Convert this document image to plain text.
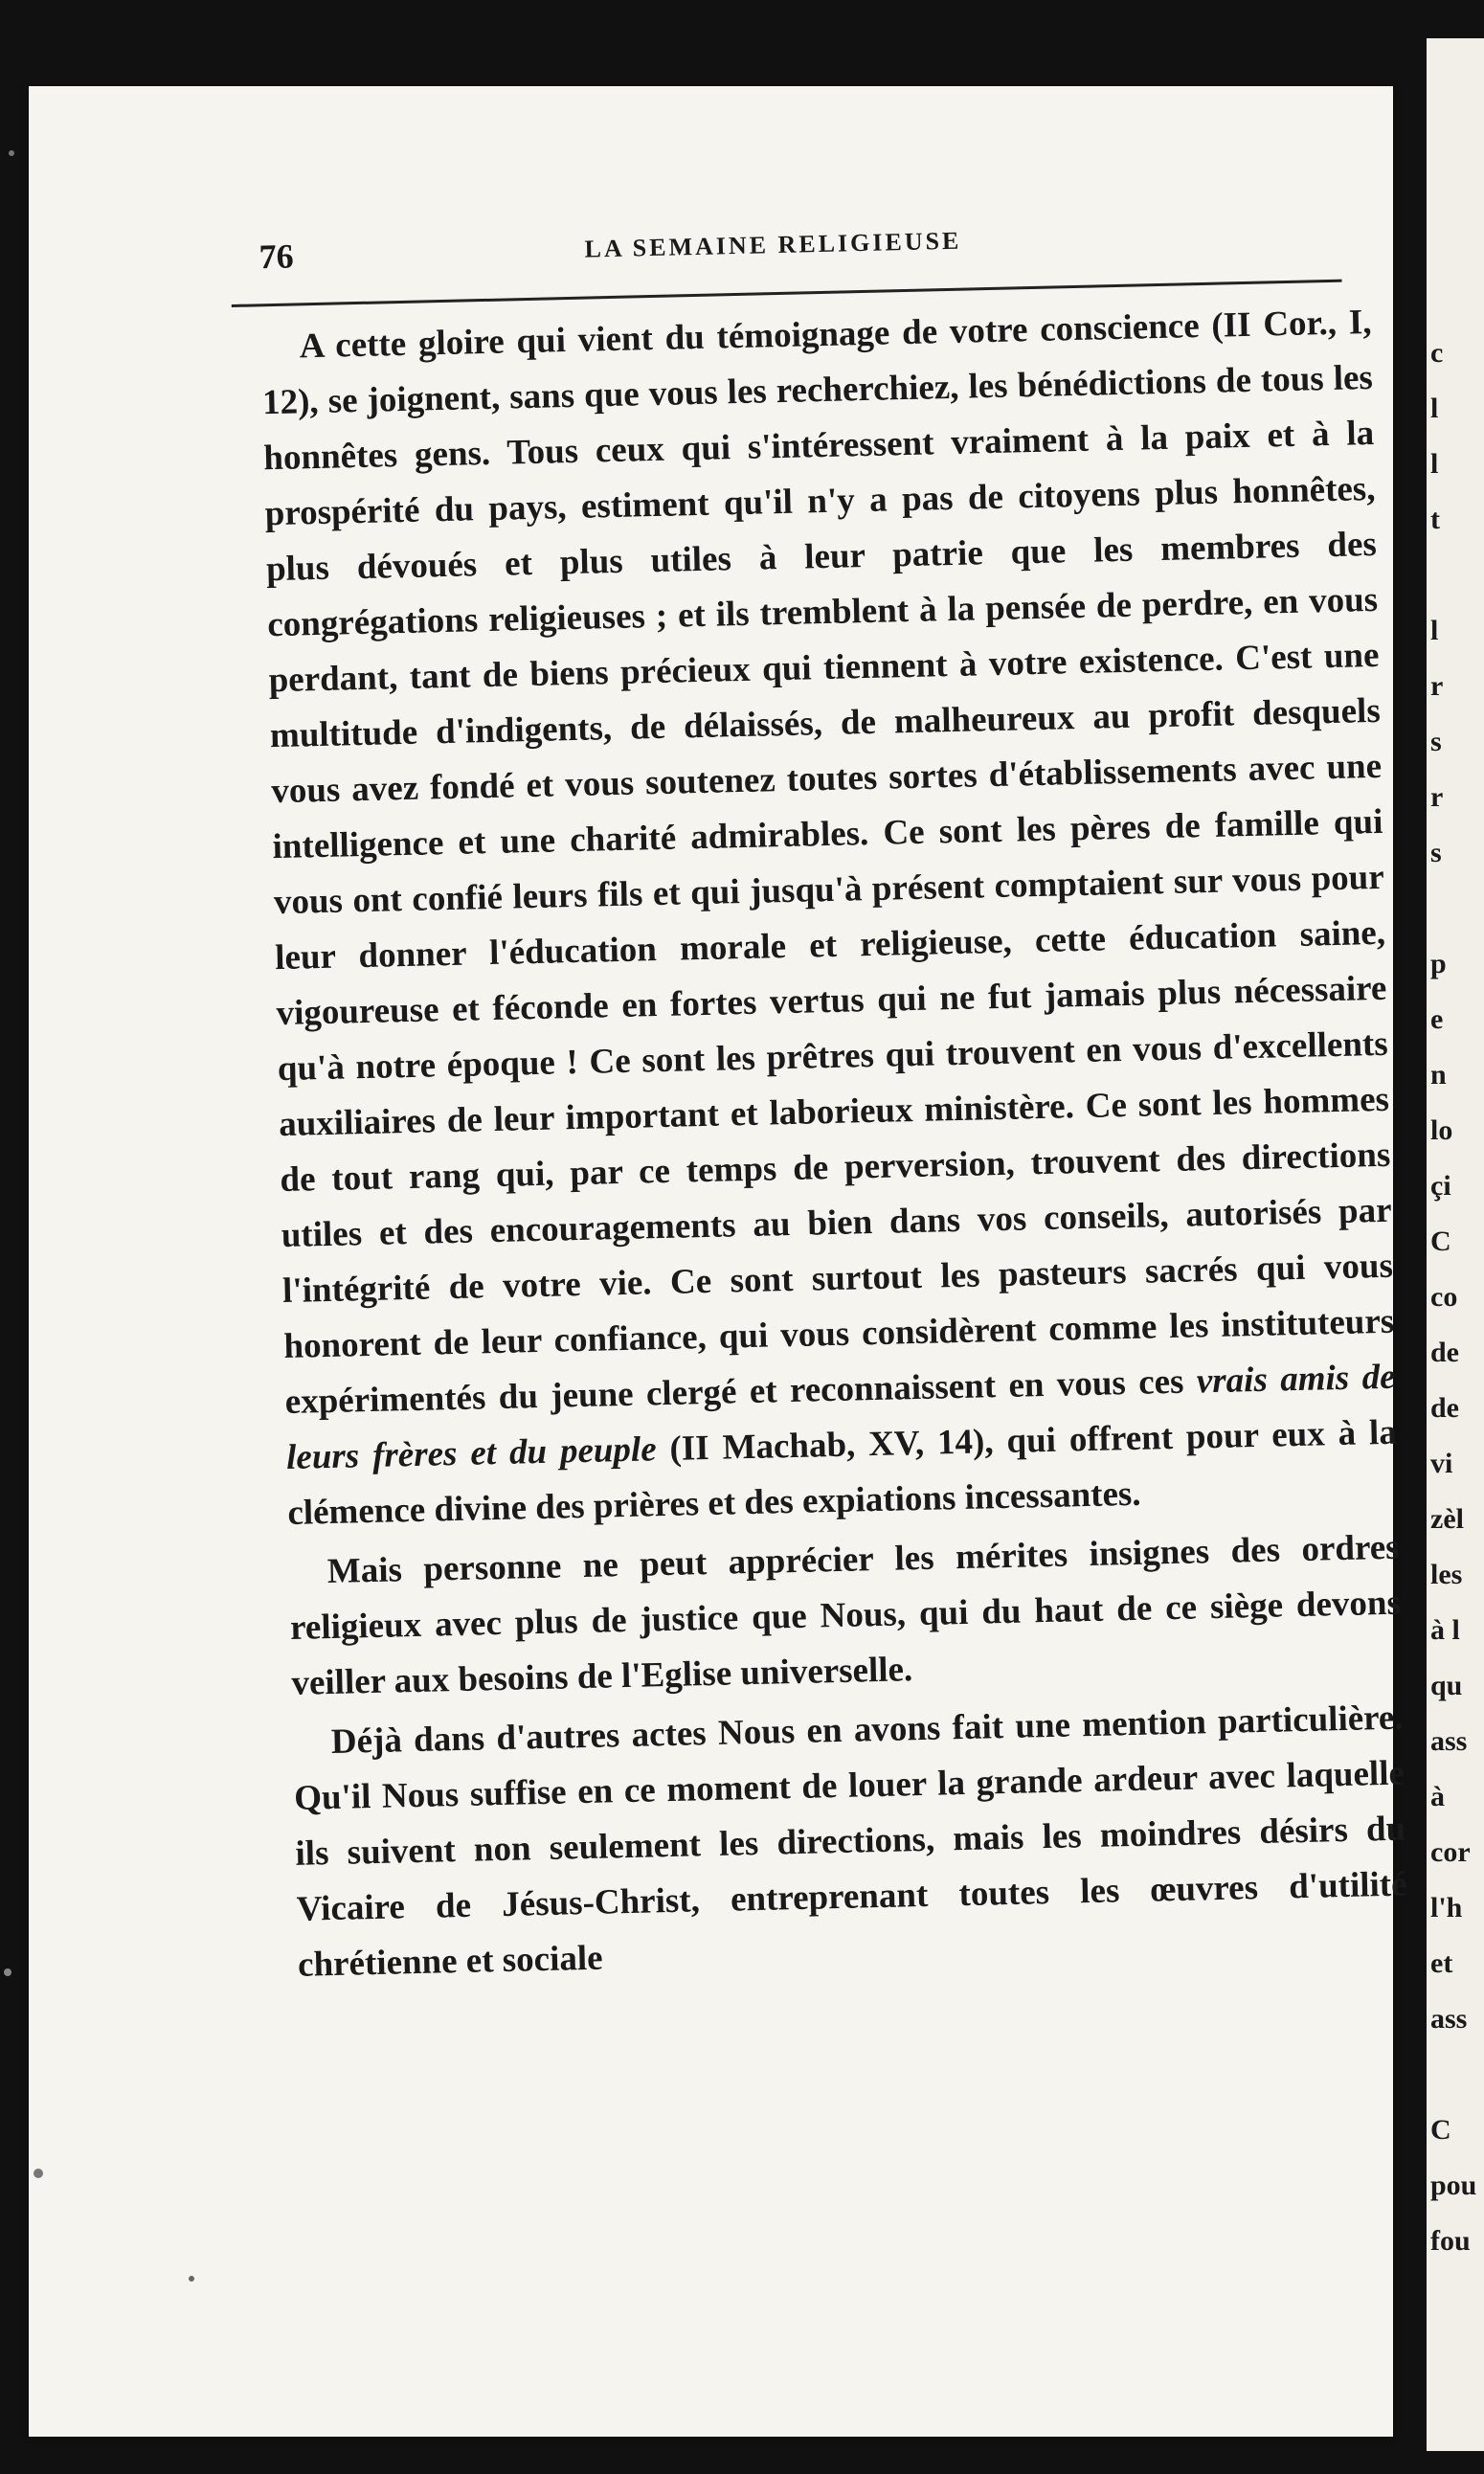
76	LA SEMAINE RELIGIEUSE

A cette gloire qui vient du témoignage de votre conscience (II Cor., I, 12), se joignent, sans que vous les recherchiez, les bénédictions de tous les honnêtes gens. Tous ceux qui s'intéressent vraiment à la paix et à la prospérité du pays, estiment qu'il n'y a pas de citoyens plus honnêtes, plus dévoués et plus utiles à leur patrie que les membres des congrégations religieuses ; et ils tremblent à la pensée de perdre, en vous perdant, tant de biens précieux qui tiennent à votre existence. C'est une multitude d'indigents, de délaissés, de malheureux au profit desquels vous avez fondé et vous soutenez toutes sortes d'établissements avec une intelligence et une charité admirables. Ce sont les pères de famille qui vous ont confié leurs fils et qui jusqu'à présent comptaient sur vous pour leur donner l'éducation morale et religieuse, cette éducation saine, vigoureuse et féconde en fortes vertus qui ne fut jamais plus nécessaire qu'à notre époque ! Ce sont les prêtres qui trouvent en vous d'excellents auxiliaires de leur important et laborieux ministère. Ce sont les hommes de tout rang qui, par ce temps de perversion, trouvent des directions utiles et des encouragements au bien dans vos conseils, autorisés par l'intégrité de votre vie. Ce sont surtout les pasteurs sacrés qui vous honorent de leur confiance, qui vous considèrent comme les instituteurs expérimentés du jeune clergé et reconnaissent en vous ces vrais amis de leurs frères et du peuple (II Machab, XV, 14), qui offrent pour eux à la clémence divine des prières et des expiations incessantes.

Mais personne ne peut apprécier les mérites insignes des ordres religieux avec plus de justice que Nous, qui du haut de ce siège devons veiller aux besoins de l'Eglise universelle.

Déjà dans d'autres actes Nous en avons fait une mention particulière. Qu'il Nous suffise en ce moment de louer la grande ardeur avec laquelle ils suivent non seulement les directions, mais les moindres désirs du Vicaire de Jésus-Christ, entreprenant toutes les œuvres d'utilité chrétienne et sociale

c
l
l
t

l
r
s
r
s

p
e
n
lo
çi
C
co
de
de
vi
zèl
les
à l
qu
ass
à
cor
l'h
et
ass

C
pou
fou
